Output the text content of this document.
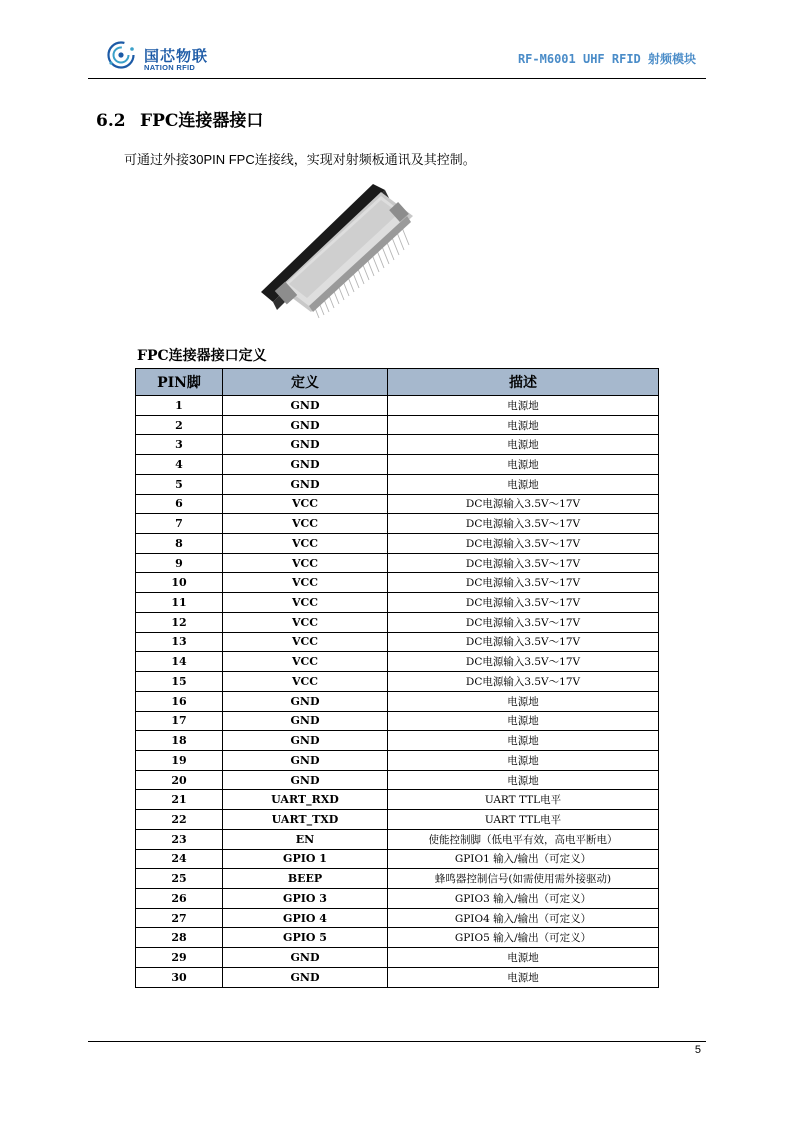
国芯物联
NATION RFID
RF-M6001 UHF RFID 射频模块
6.2 FPC连接器接口
可通过外接30PIN FPC连接线，实现对射频板通讯及其控制。
FPC连接器接口定义
PIN脚	定义	描述
1	GND	电源地
2	GND	电源地
3	GND	电源地
4	GND	电源地
5	GND	电源地
6	VCC	DC电源输入3.5V～17V
7	VCC	DC电源输入3.5V～17V
8	VCC	DC电源输入3.5V～17V
9	VCC	DC电源输入3.5V～17V
10	VCC	DC电源输入3.5V～17V
11	VCC	DC电源输入3.5V～17V
12	VCC	DC电源输入3.5V～17V
13	VCC	DC电源输入3.5V～17V
14	VCC	DC电源输入3.5V～17V
15	VCC	DC电源输入3.5V～17V
16	GND	电源地
17	GND	电源地
18	GND	电源地
19	GND	电源地
20	GND	电源地
21	UART_RXD	UART TTL电平
22	UART_TXD	UART TTL电平
23	EN	使能控制脚（低电平有效，高电平断电）
24	GPIO 1	GPIO1 输入/输出（可定义）
25	BEEP	蜂鸣器控制信号(如需使用需外接驱动)
26	GPIO 3	GPIO3 输入/输出（可定义）
27	GPIO 4	GPIO4 输入/输出（可定义）
28	GPIO 5	GPIO5 输入/输出（可定义）
29	GND	电源地
30	GND	电源地
5
